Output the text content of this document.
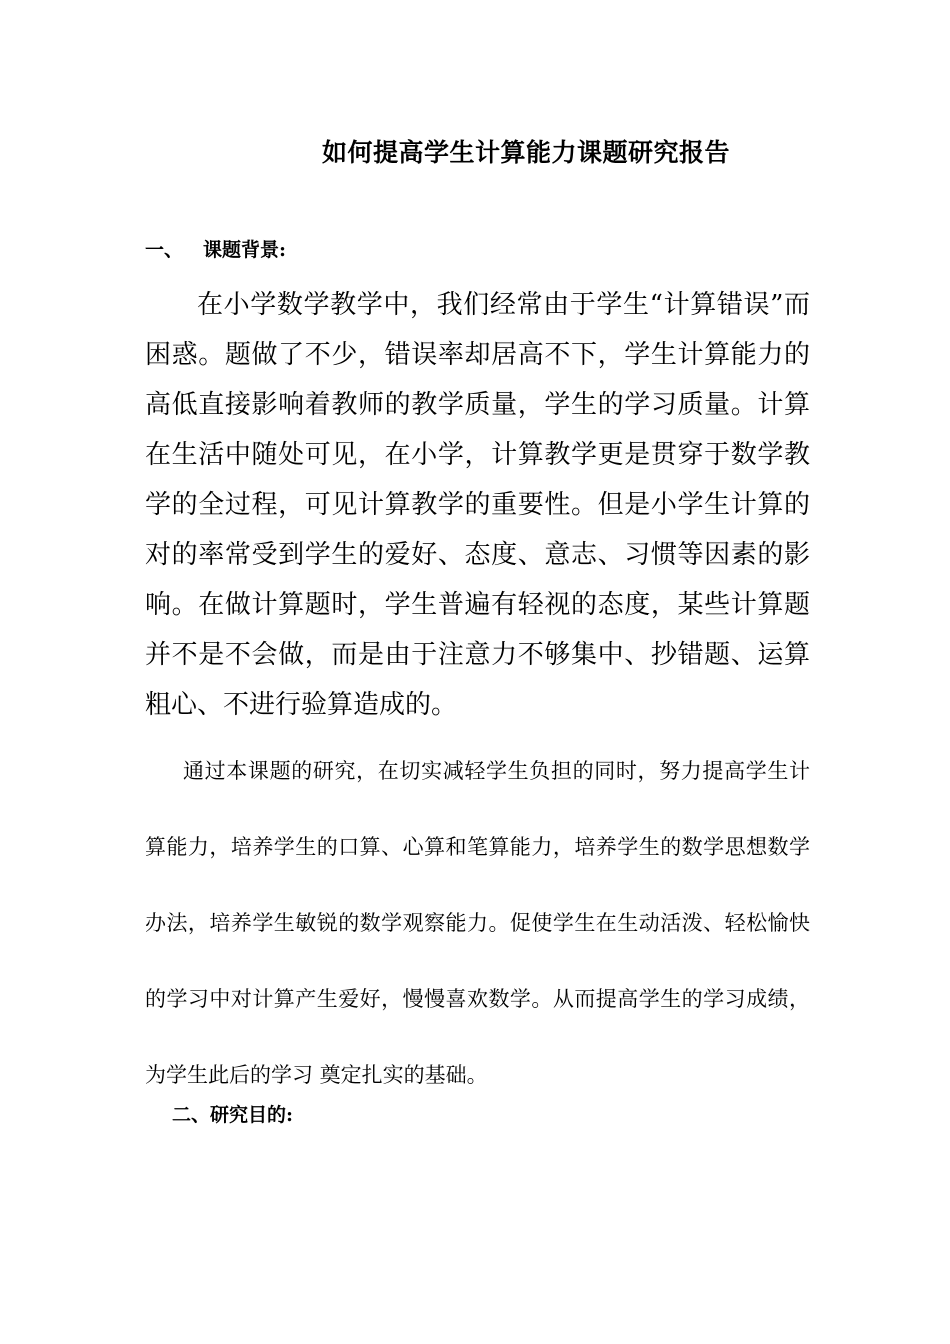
如何提高学生计算能力课题研究报告
一、 课题背景:

在小学数学教学中，我们经常由于学生“计算错误”而困惑。题做了不少，错误率却居高不下，学生计算能力的高低直接影响着教师的教学质量，学生的学习质量。计算在生活中随处可见，在小学，计算教学更是贯穿于数学教学的全过程，可见计算教学的重要性。但是小学生计算的对的率常受到学生的爱好、态度、意志、习惯等因素的影响。在做计算题时，学生普遍有轻视的态度，某些计算题并不是不会做，而是由于注意力不够集中、抄错题、运算粗心、不进行验算造成的。

通过本课题的研究，在切实减轻学生负担的同时，努力提高学生计算能力，培养学生的口算、心算和笔算能力，培养学生的数学思想数学办法，培养学生敏锐的数学观察能力。促使学生在生动活泼、轻松愉快的学习中对计算产生爱好，慢慢喜欢数学。从而提高学生的学习成绩，为学生此后的学习 奠定扎实的基础。

二、研究目的:
